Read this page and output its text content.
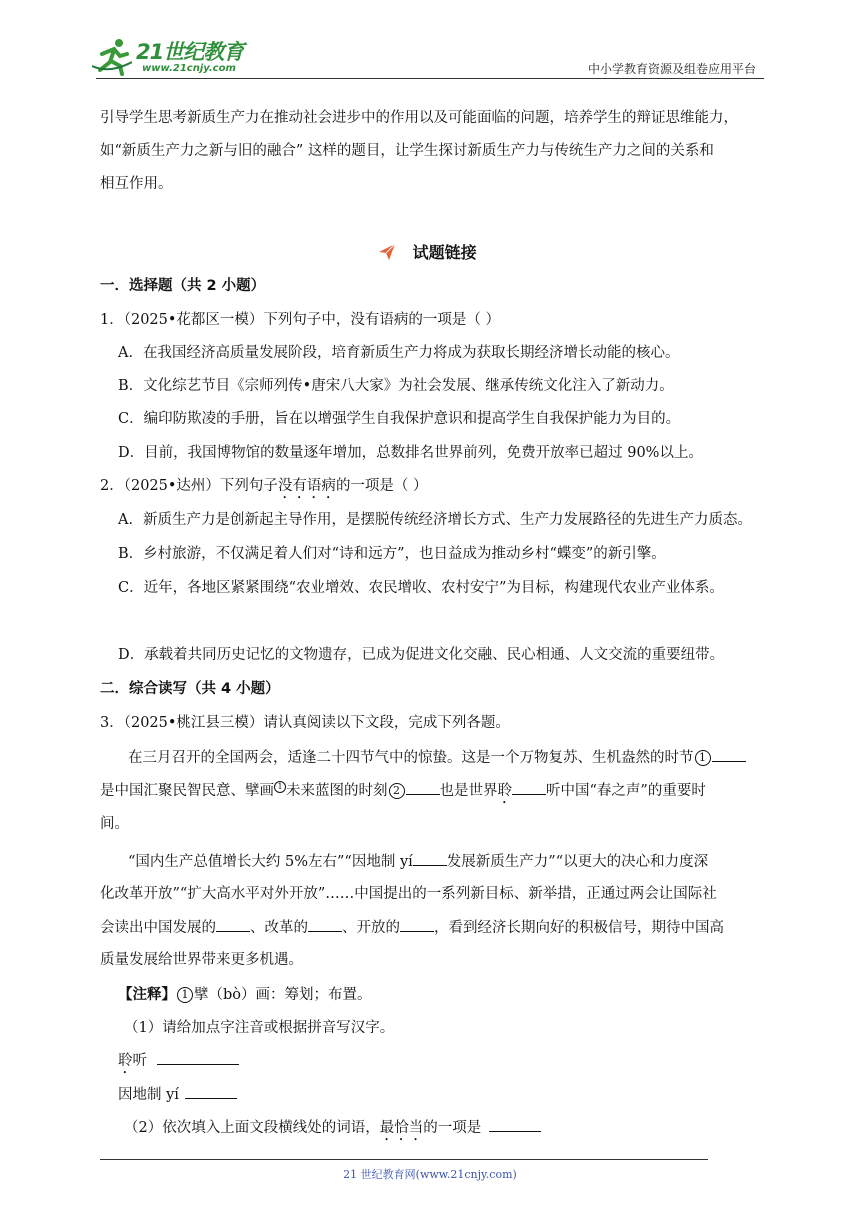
21世纪教育
www.21cnjy.com	中小学教育资源及组卷应用平台
引导学生思考新质生产力在推动社会进步中的作用以及可能面临的问题，培养学生的辩证思维能力，
如“新质生产力之新与旧的融合” 这样的题目，让学生探讨新质生产力与传统生产力之间的关系和
相互作用。
试题链接
一．选择题（共 2 小题）
1．（2025•花都区一模）下列句子中，没有语病的一项是（ ）
A．在我国经济高质量发展阶段，培育新质生产力将成为获取长期经济增长动能的核心。
B．文化综艺节目《宗师列传•唐宋八大家》为社会发展、继承传统文化注入了新动力。
C．编印防欺凌的手册，旨在以增强学生自我保护意识和提高学生自我保护能力为目的。
D．目前，我国博物馆的数量逐年增加，总数排名世界前列，免费开放率已超过 90%以上。
2．（2025•达州）下列句子没有语病的一项是（ ）
A．新质生产力是创新起主导作用，是摆脱传统经济增长方式、生产力发展路径的先进生产力质态。
B．乡村旅游，不仅满足着人们对“诗和远方”，也日益成为推动乡村“蝶变”的新引擎。
C．近年，各地区紧紧围绕“农业增效、农民增收、农村安宁”为目标，构建现代农业产业体系。
D．承载着共同历史记忆的文物遗存，已成为促进文化交融、民心相通、人文交流的重要纽带。
二．综合读写（共 4 小题）
3．（2025•桃江县三模）请认真阅读以下文段，完成下列各题。
在三月召开的全国两会，适逢二十四节气中的惊蛰。这是一个万物复苏、生机盎然的时节 1
是中国汇聚民智民意、擘画 1 未来蓝图的时刻 2	也是世界聆 听中国“春之声”的重要时
间。
“国内生产总值增长大约 5%左右”“因地制 yí 发展新质生产力”“以更大的决心和力度深
化改革开放”“扩大高水平对外开放”……中国提出的一系列新目标、新举措，正通过两会让国际社
会读出中国发展的 、改革的 、开放的 ，看到经济长期向好的积极信号，期待中国高
质量发展给世界带来更多机遇。
【注释】 1 擘（bò）画：筹划；布置。
（1）请给加点字注音或根据拼音写汉字。
聆听
因地制 yí
（2）依次填入上面文段横线处的词语，最恰当的一项是
21 世纪教育网(www.21cnjy.com)
